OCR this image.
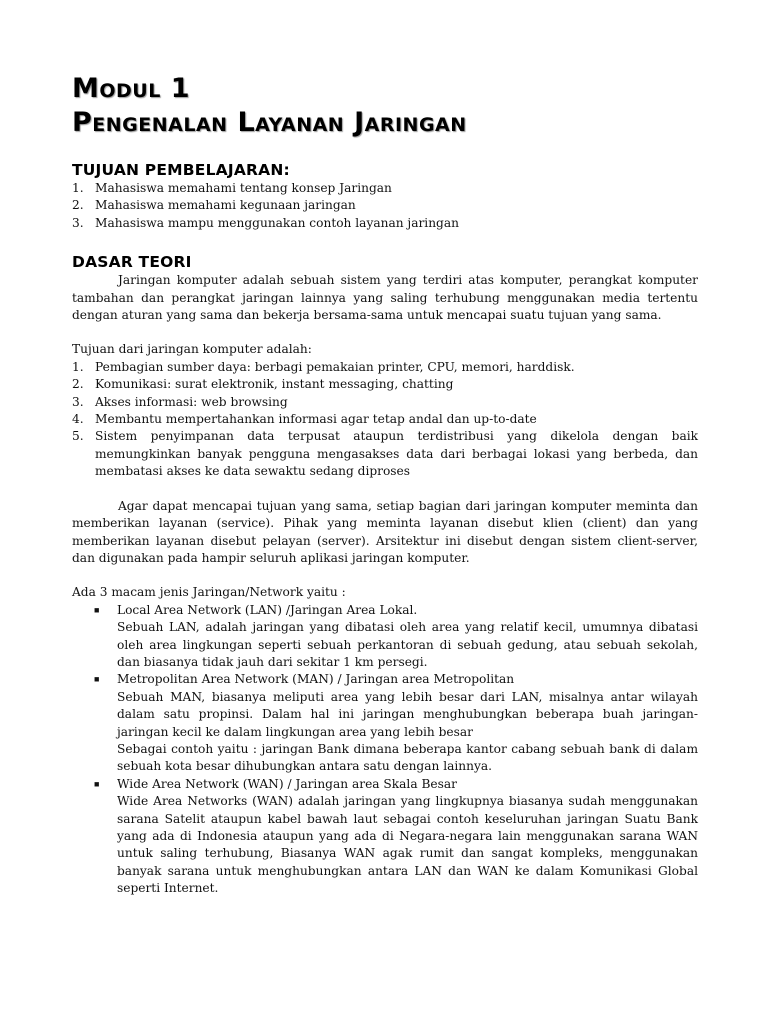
Modul 1
Pengenalan Layanan Jaringan
TUJUAN PEMBELAJARAN:
1. Mahasiswa memahami tentang konsep Jaringan
2. Mahasiswa memahami kegunaan jaringan
3. Mahasiswa mampu menggunakan contoh layanan jaringan
DASAR TEORI

Jaringan komputer adalah sebuah sistem yang terdiri atas komputer, perangkat komputer tambahan dan perangkat jaringan lainnya yang saling terhubung menggunakan media tertentu dengan aturan yang sama dan bekerja bersama-sama untuk mencapai suatu tujuan yang sama.

Tujuan dari jaringan komputer adalah:

1. Pembagian sumber daya: berbagi pemakaian printer, CPU, memori, harddisk.
2. Komunikasi: surat elektronik, instant messaging, chatting
3. Akses informasi: web browsing
4. Membantu mempertahankan informasi agar tetap andal dan up-to-date
5. Sistem penyimpanan data terpusat ataupun terdistribusi yang dikelola dengan baik memungkinkan banyak pengguna mengasakses data dari berbagai lokasi yang berbeda, dan membatasi akses ke data sewaktu sedang diproses

Agar dapat mencapai tujuan yang sama, setiap bagian dari jaringan komputer meminta dan memberikan layanan (service). Pihak yang meminta layanan disebut klien (client) dan yang memberikan layanan disebut pelayan (server). Arsitektur ini disebut dengan sistem client-server, dan digunakan pada hampir seluruh aplikasi jaringan komputer.

Ada 3 macam jenis Jaringan/Network yaitu :

■	Local Area Network (LAN) /Jaringan Area Lokal.

Sebuah LAN, adalah jaringan yang dibatasi oleh area yang relatif kecil, umumnya dibatasi oleh area lingkungan seperti sebuah perkantoran di sebuah gedung, atau sebuah sekolah, dan biasanya tidak jauh dari sekitar 1 km persegi.

■	Metropolitan Area Network (MAN) / Jaringan area Metropolitan

Sebuah MAN, biasanya meliputi area yang lebih besar dari LAN, misalnya antar wilayah dalam satu propinsi. Dalam hal ini jaringan menghubungkan beberapa buah jaringan-jaringan kecil ke dalam lingkungan area yang lebih besar

Sebagai contoh yaitu : jaringan Bank dimana beberapa kantor cabang sebuah bank di dalam sebuah kota besar dihubungkan antara satu dengan lainnya.

■	Wide Area Network (WAN) / Jaringan area Skala Besar

Wide Area Networks (WAN) adalah jaringan yang lingkupnya biasanya sudah menggunakan sarana Satelit ataupun kabel bawah laut sebagai contoh keseluruhan jaringan Suatu Bank yang ada di Indonesia ataupun yang ada di Negara-negara lain menggunakan sarana WAN untuk saling terhubung, Biasanya WAN agak rumit dan sangat kompleks, menggunakan banyak sarana untuk menghubungkan antara LAN dan WAN ke dalam Komunikasi Global seperti Internet.
